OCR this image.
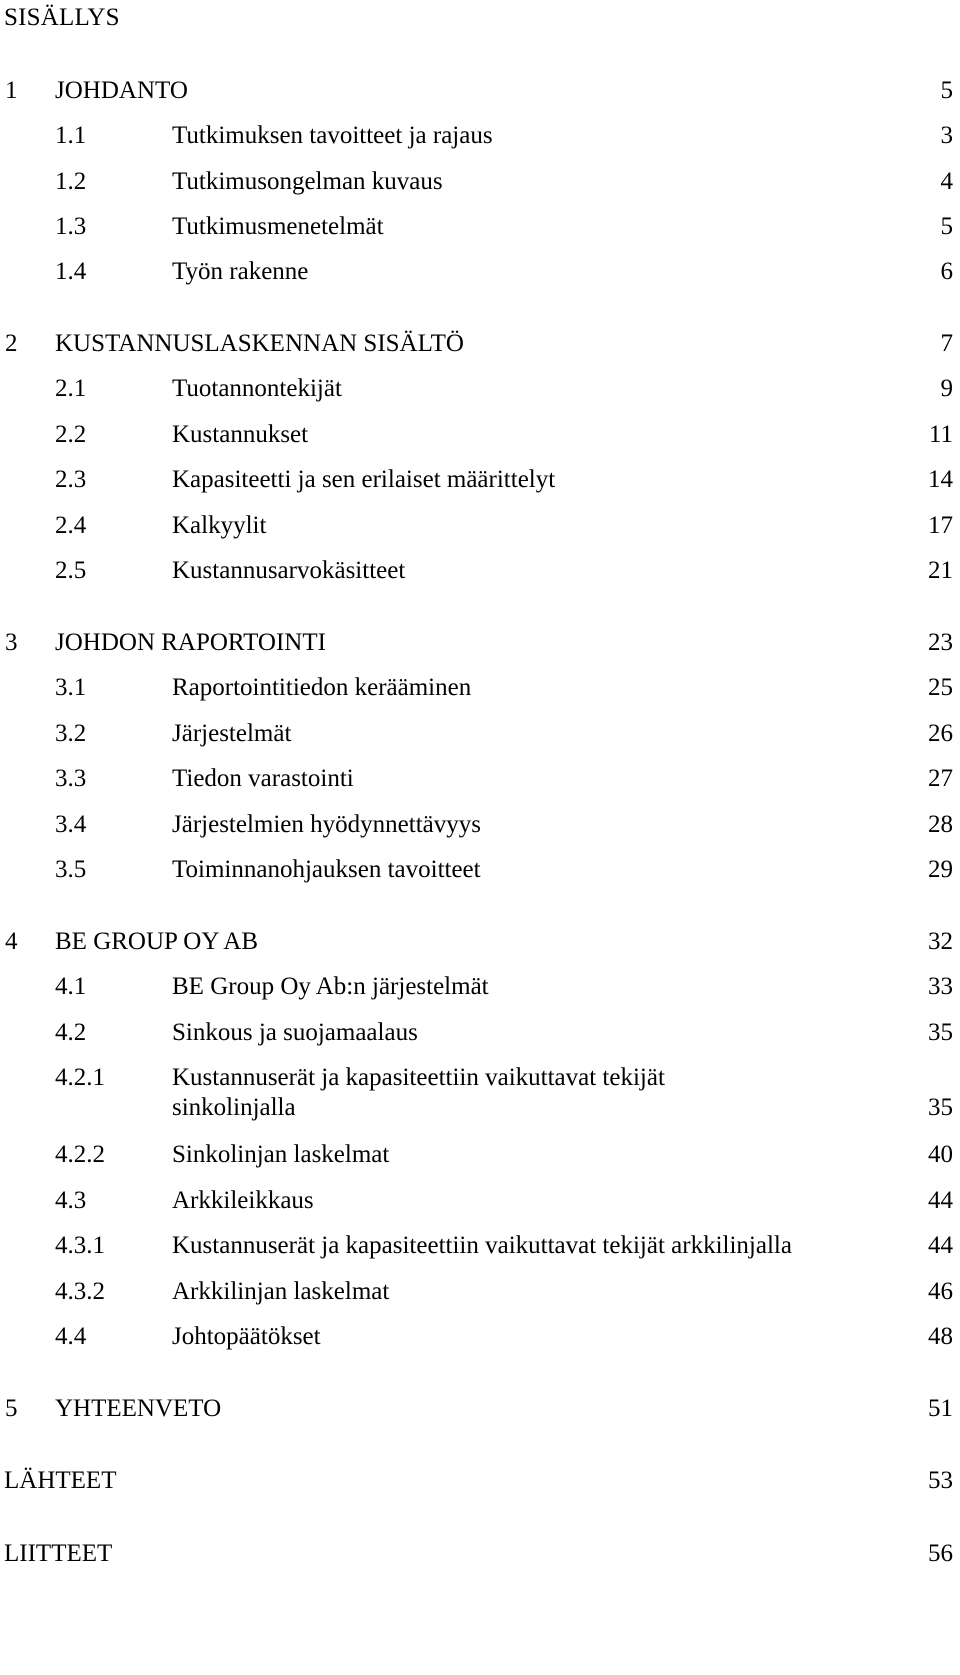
SISÄLLYS
1 JOHDANTO	5
1.1	Tutkimuksen tavoitteet ja rajaus	3
1.2	Tutkimusongelman kuvaus	4
1.3	Tutkimusmenetelmät	5
1.4	Työn rakenne	6
2 KUSTANNUSLASKENNAN SISÄLTÖ	7
2.1	Tuotannontekijät	9
2.2	Kustannukset	11
2.3	Kapasiteetti ja sen erilaiset määrittelyt	14
2.4	Kalkyylit	17
2.5	Kustannusarvokäsitteet	21
3 JOHDON RAPORTOINTI	23
3.1	Raportointitiedon kerääminen	25
3.2	Järjestelmät	26
3.3	Tiedon varastointi	27
3.4	Järjestelmien hyödynnettävyys	28
3.5	Toiminnanohjauksen tavoitteet	29
4 BE GROUP OY AB	32
4.1	BE Group Oy Ab:n järjestelmät	33
4.2	Sinkous ja suojamaalaus	35
4.2.1	Kustannuserät ja kapasiteettiin vaikuttavat tekijät
sinkolinjalla	35
4.2.2	Sinkolinjan laskelmat	40
4.3	Arkkileikkaus	44
4.3.1	Kustannuserät ja kapasiteettiin vaikuttavat tekijät arkkilinjalla	44
4.3.2	Arkkilinjan laskelmat	46
4.4	Johtopäätökset	48
5 YHTEENVETO	51
LÄHTEET	53
LIITTEET	56
